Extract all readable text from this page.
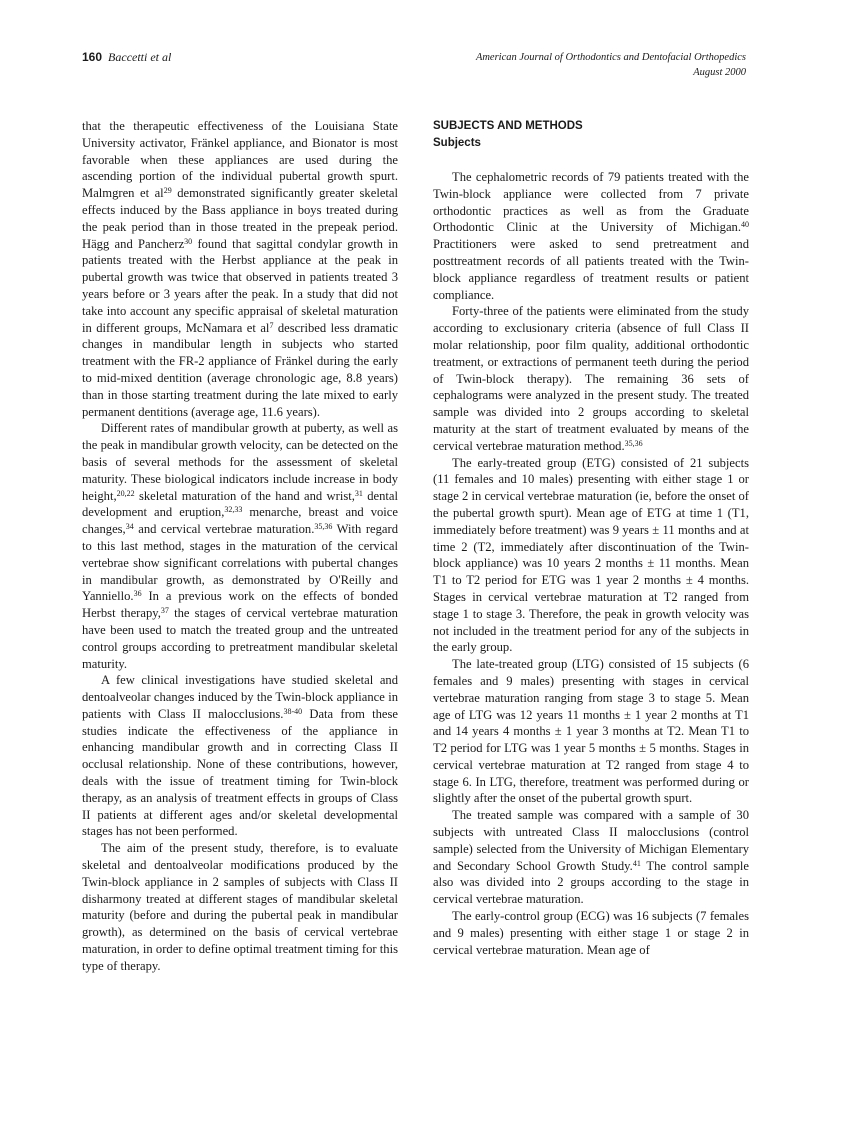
160 Baccetti et al	American Journal of Orthodontics and Dentofacial Orthopedics
August 2000

that the therapeutic effectiveness of the Louisiana State University activator, Fränkel appliance, and Bionator is most favorable when these appliances are used during the ascending portion of the individual pubertal growth spurt. Malmgren et $al^{29}$ demonstrated significantly greater skeletal effects induced by the Bass appliance in boys treated during the peak period than in those treated in the prepeak period. Hägg and Pancherz$^{30}$ found that sagittal condylar growth in patients treated with the Herbst appliance at the peak in pubertal growth was twice that observed in patients treated 3 years before or 3 years after the peak. In a study that did not take into account any specific appraisal of skeletal maturation in different groups, McNamara et $al^7$ described less dramatic changes in mandibular length in subjects who started treatment with the FR-2 appliance of Fränkel during the early to mid-mixed dentition (average chronologic age, 8.8 years) than in those starting treatment during the late mixed to early permanent dentitions (average age, 11.6 years).

Different rates of mandibular growth at puberty, as well as the peak in mandibular growth velocity, can be detected on the basis of several methods for the assessment of skeletal maturity. These biological indicators include increase in body height,$^{20,22}$ skeletal maturation of the hand and wrist,$^{31}$ dental development and eruption,$^{32,33}$ menarche, breast and voice changes,$^{34}$ and cervical vertebrae maturation.$^{35,36}$ With regard to this last method, stages in the maturation of the cervical vertebrae show significant correlations with pubertal changes in mandibular growth, as demonstrated by O'Reilly and Yanniello.$^{36}$ In a previous work on the effects of bonded Herbst therapy,$^{37}$ the stages of cervical vertebrae maturation have been used to match the treated group and the untreated control groups according to pretreatment mandibular skeletal maturity.

A few clinical investigations have studied skeletal and dentoalveolar changes induced by the Twin-block appliance in patients with Class II malocclusions.$^{38-40}$ Data from these studies indicate the effectiveness of the appliance in enhancing mandibular growth and in correcting Class II occlusal relationship. None of these contributions, however, deals with the issue of treatment timing for Twin-block therapy, as an analysis of treatment effects in groups of Class II patients at different ages and/or skeletal developmental stages has not been performed.

The aim of the present study, therefore, is to evaluate skeletal and dentoalveolar modifications produced by the Twin-block appliance in 2 samples of subjects with Class II disharmony treated at different stages of mandibular skeletal maturity (before and during the pubertal peak in mandibular growth), as determined on the basis of cervical vertebrae maturation, in order to define optimal treatment timing for this type of therapy.

SUBJECTS AND METHODS
Subjects

The cephalometric records of 79 patients treated with the Twin-block appliance were collected from 7 private orthodontic practices as well as from the Graduate Orthodontic Clinic at the University of Michigan.$^{40}$ Practitioners were asked to send pretreatment and posttreatment records of all patients treated with the Twin-block appliance regardless of treatment results or patient compliance.

Forty-three of the patients were eliminated from the study according to exclusionary criteria (absence of full Class II molar relationship, poor film quality, additional orthodontic treatment, or extractions of permanent teeth during the period of Twin-block therapy). The remaining 36 sets of cephalograms were analyzed in the present study. The treated sample was divided into 2 groups according to skeletal maturity at the start of treatment evaluated by means of the cervical vertebrae maturation method.$^{35,36}$

The early-treated group (ETG) consisted of 21 subjects (11 females and 10 males) presenting with either stage 1 or stage 2 in cervical vertebrae maturation (ie, before the onset of the pubertal growth spurt). Mean age of ETG at time 1 (T1, immediately before treatment) was 9 years ± 11 months and at time 2 (T2, immediately after discontinuation of the Twin-block appliance) was 10 years 2 months ± 11 months. Mean T1 to T2 period for ETG was 1 year 2 months ± 4 months. Stages in cervical vertebrae maturation at T2 ranged from stage 1 to stage 3. Therefore, the peak in growth velocity was not included in the treatment period for any of the subjects in the early group.

The late-treated group (LTG) consisted of 15 subjects (6 females and 9 males) presenting with stages in cervical vertebrae maturation ranging from stage 3 to stage 5. Mean age of LTG was 12 years 11 months ± 1 year 2 months at T1 and 14 years 4 months ± 1 year 3 months at T2. Mean T1 to T2 period for LTG was 1 year 5 months ± 5 months. Stages in cervical vertebrae maturation at T2 ranged from stage 4 to stage 6. In LTG, therefore, treatment was performed during or slightly after the onset of the pubertal growth spurt.

The treated sample was compared with a sample of 30 subjects with untreated Class II malocclusions (control sample) selected from the University of Michigan Elementary and Secondary School Growth Study.$^{41}$ The control sample also was divided into 2 groups according to the stage in cervical vertebrae maturation.

The early-control group (ECG) was 16 subjects (7 females and 9 males) presenting with either stage 1 or stage 2 in cervical vertebrae maturation. Mean age of
